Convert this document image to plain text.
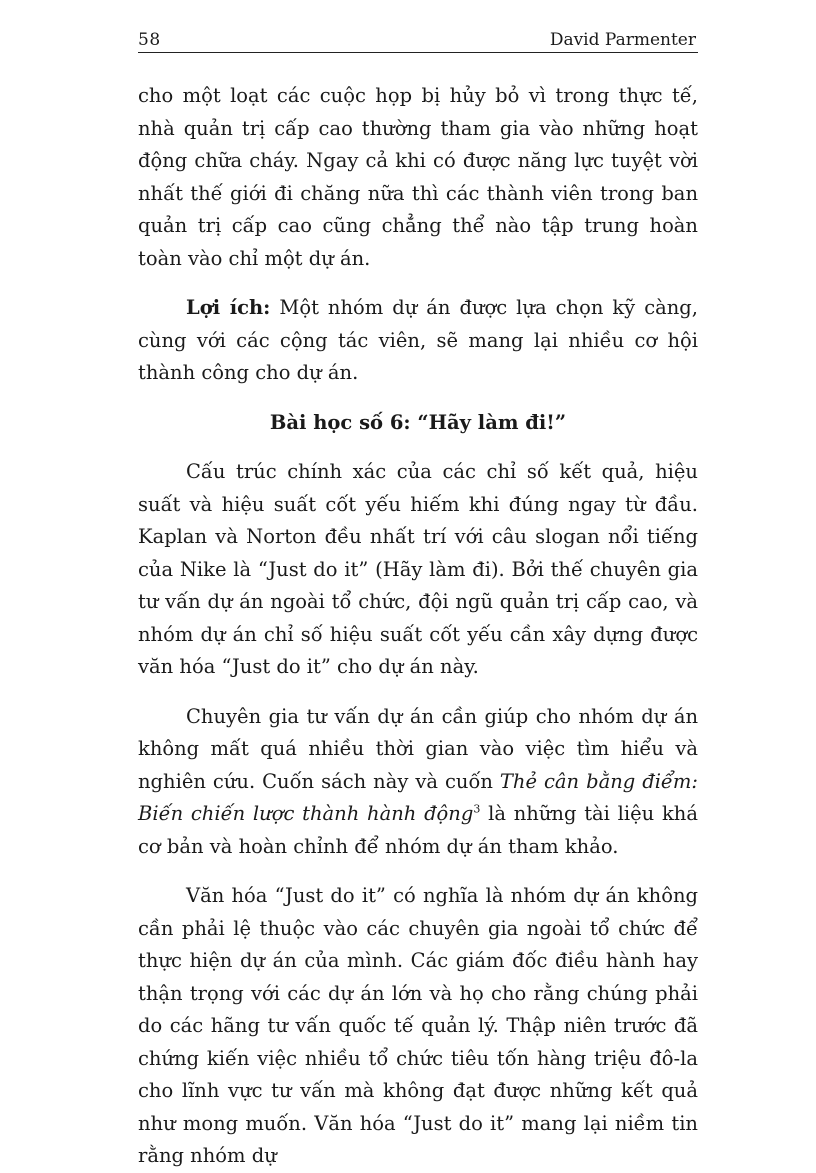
58	David Parmenter

cho một loạt các cuộc họp bị hủy bỏ vì trong thực tế, nhà quản trị cấp cao thường tham gia vào những hoạt động chữa cháy. Ngay cả khi có được năng lực tuyệt vời nhất thế giới đi chăng nữa thì các thành viên trong ban quản trị cấp cao cũng chẳng thể nào tập trung hoàn toàn vào chỉ một dự án.

Lợi ích: Một nhóm dự án được lựa chọn kỹ càng, cùng với các cộng tác viên, sẽ mang lại nhiều cơ hội thành công cho dự án.

Bài học số 6: “Hãy làm đi!”

Cấu trúc chính xác của các chỉ số kết quả, hiệu suất và hiệu suất cốt yếu hiếm khi đúng ngay từ đầu. Kaplan và Norton đều nhất trí với câu slogan nổi tiếng của Nike là “Just do it” (Hãy làm đi). Bởi thế chuyên gia tư vấn dự án ngoài tổ chức, đội ngũ quản trị cấp cao, và nhóm dự án chỉ số hiệu suất cốt yếu cần xây dựng được văn hóa “Just do it” cho dự án này.

Chuyên gia tư vấn dự án cần giúp cho nhóm dự án không mất quá nhiều thời gian vào việc tìm hiểu và nghiên cứu. Cuốn sách này và cuốn Thẻ cân bằng điểm: Biến chiến lược thành hành động$^3$ là những tài liệu khá cơ bản và hoàn chỉnh để nhóm dự án tham khảo.

Văn hóa “Just do it” có nghĩa là nhóm dự án không cần phải lệ thuộc vào các chuyên gia ngoài tổ chức để thực hiện dự án của mình. Các giám đốc điều hành hay thận trọng với các dự án lớn và họ cho rằng chúng phải do các hãng tư vấn quốc tế quản lý. Thập niên trước đã chứng kiến việc nhiều tổ chức tiêu tốn hàng triệu đô-la cho lĩnh vực tư vấn mà không đạt được những kết quả như mong muốn. Văn hóa “Just do it” mang lại niềm tin rằng nhóm dự
